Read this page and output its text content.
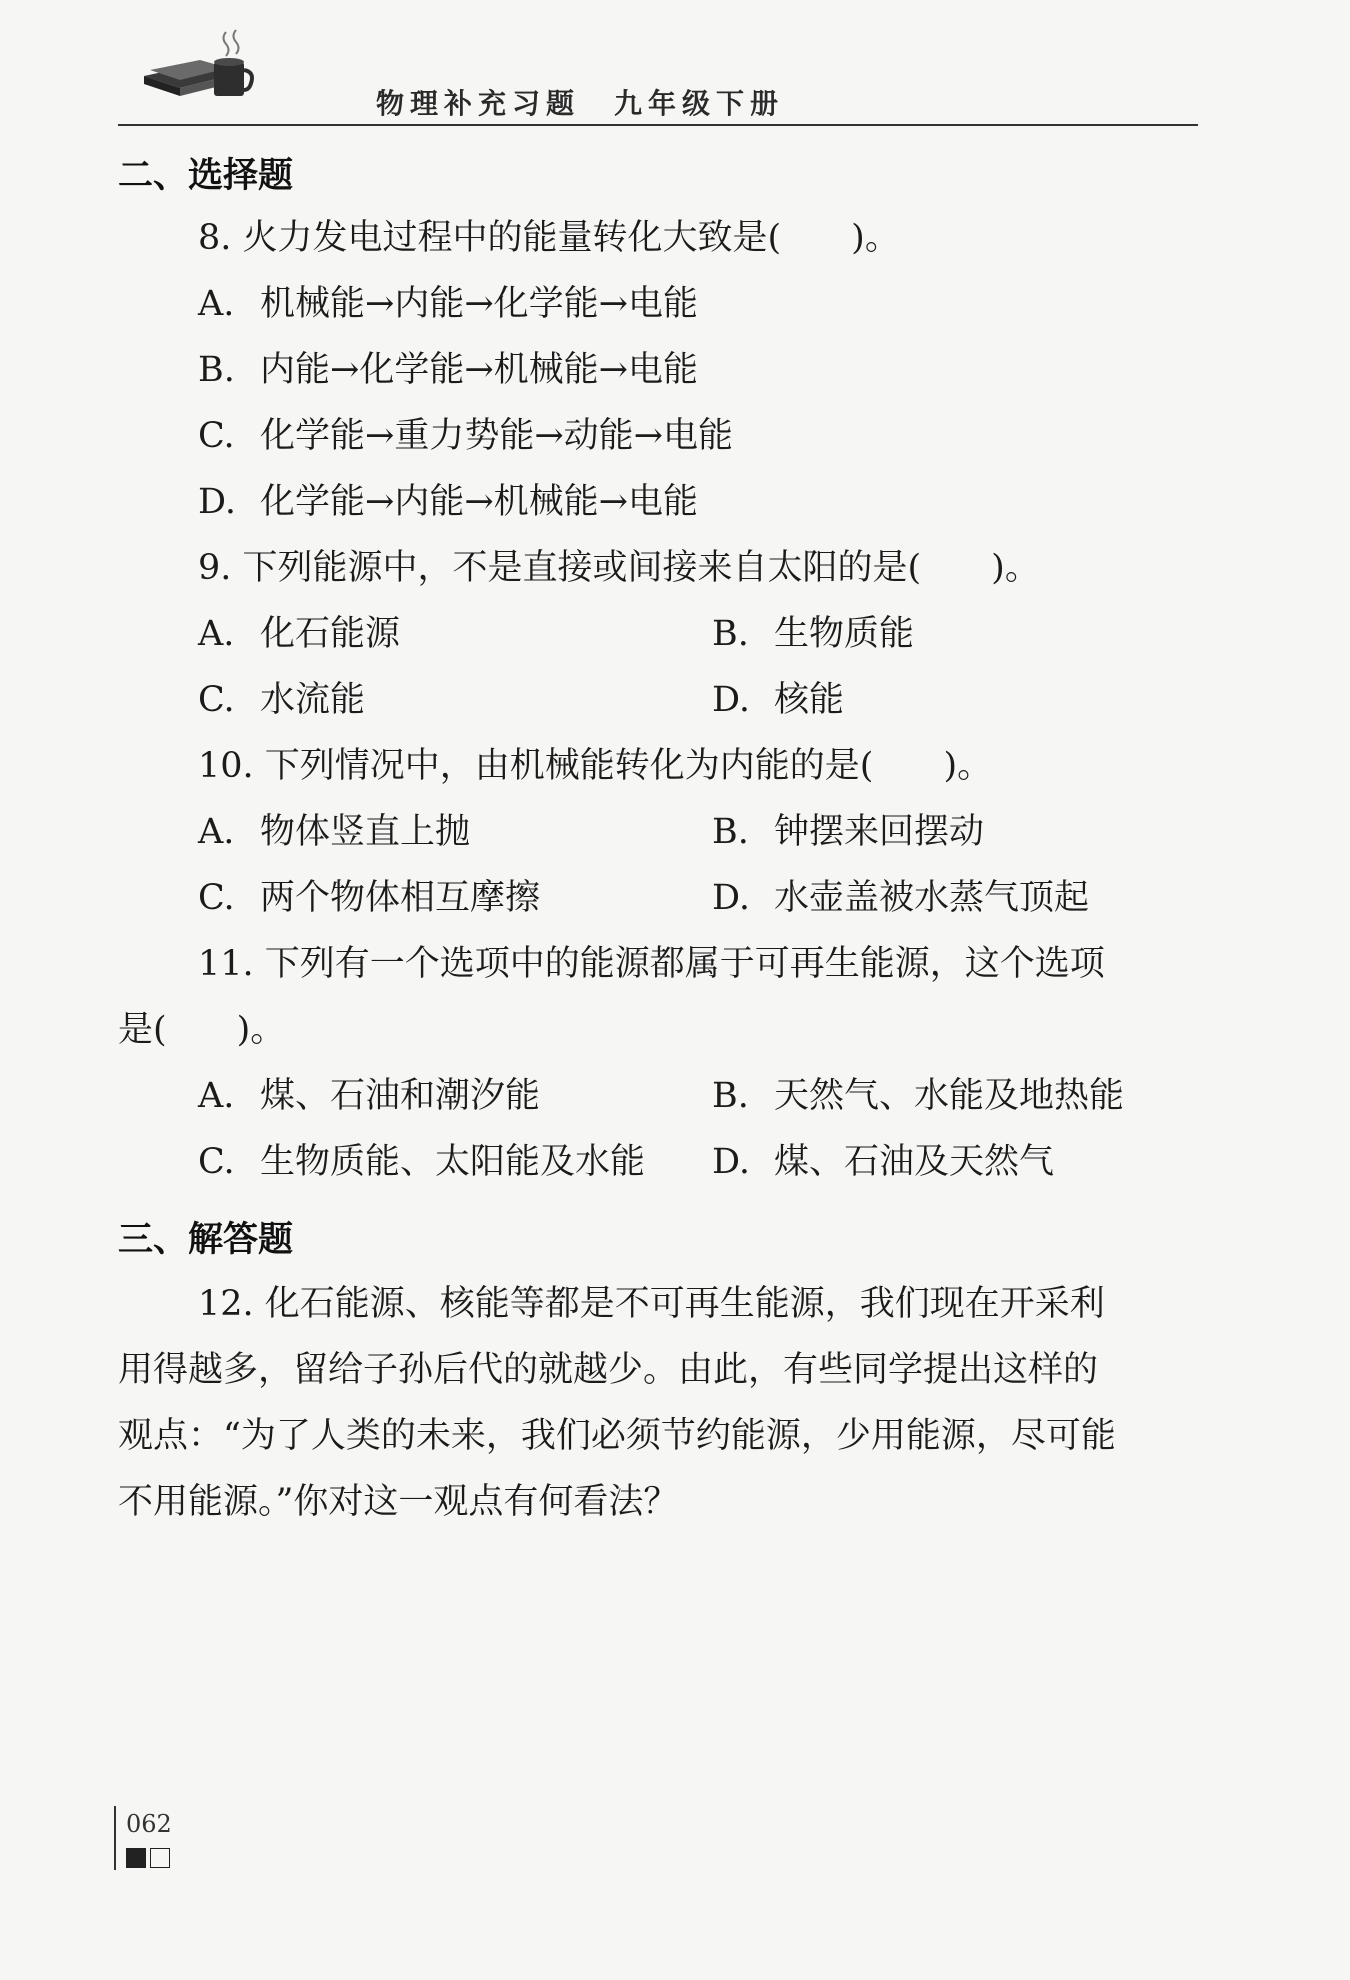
物理补充习题 九年级下册
二、选择题
8. 火力发电过程中的能量转化大致是(　　)。
A. 机械能→内能→化学能→电能
B. 内能→化学能→机械能→电能
C. 化学能→重力势能→动能→电能
D. 化学能→内能→机械能→电能
9. 下列能源中，不是直接或间接来自太阳的是(　　)。
A. 化石能源	B. 生物质能
C. 水流能	D. 核能
10. 下列情况中，由机械能转化为内能的是(　　)。
A. 物体竖直上抛	B. 钟摆来回摆动
C. 两个物体相互摩擦	D. 水壶盖被水蒸气顶起
11. 下列有一个选项中的能源都属于可再生能源，这个选项
是(　　)。
A. 煤、石油和潮汐能	B. 天然气、水能及地热能
C. 生物质能、太阳能及水能 D. 煤、石油及天然气
三、解答题
12. 化石能源、核能等都是不可再生能源，我们现在开采利
用得越多，留给子孙后代的就越少。由此，有些同学提出这样的
观点：“为了人类的未来，我们必须节约能源，少用能源，尽可能
不用能源。”你对这一观点有何看法？
062
